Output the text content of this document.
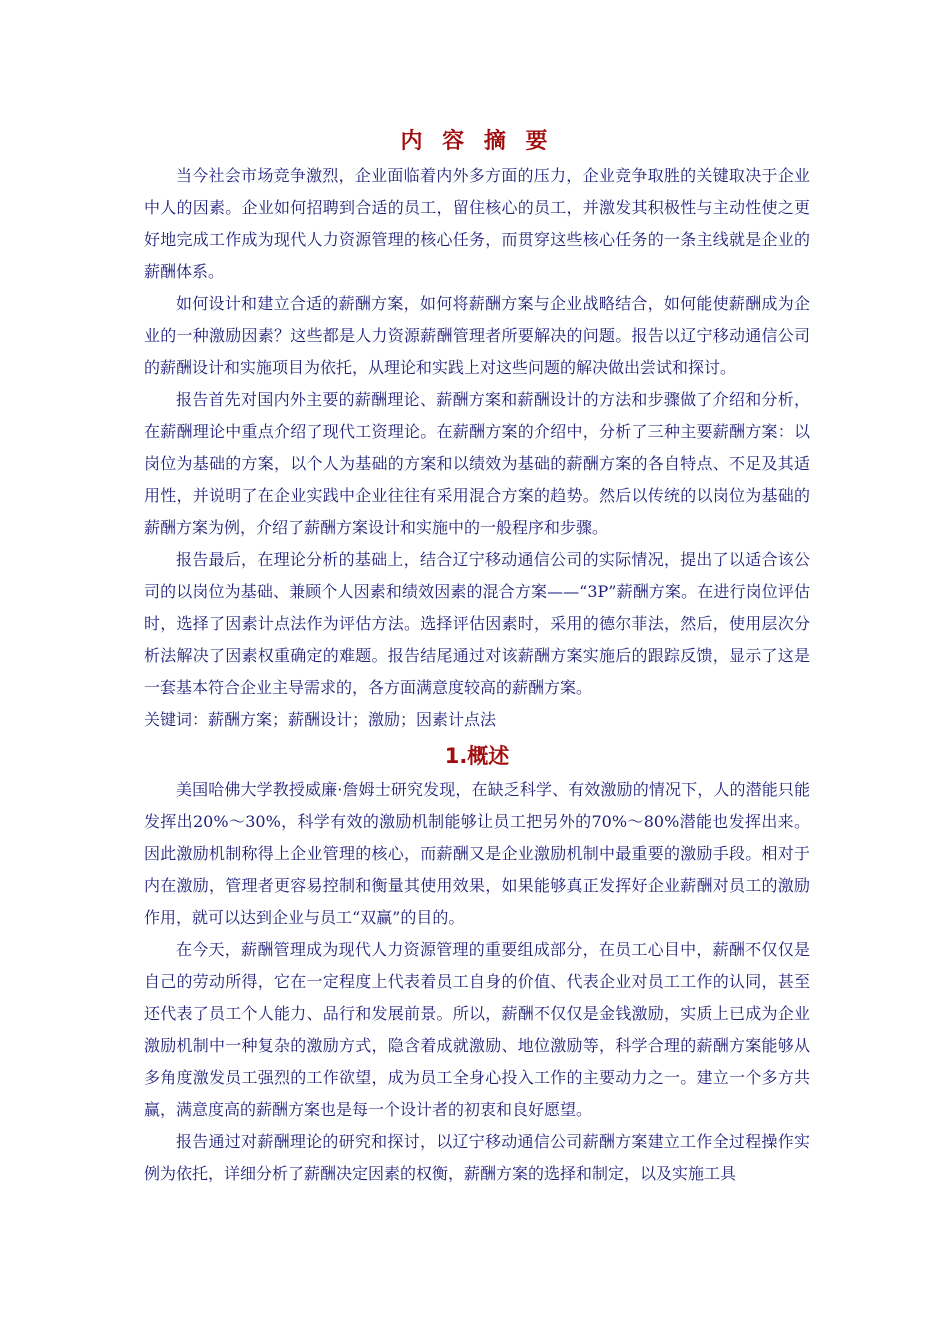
内 容 摘 要

当今社会市场竞争激烈，企业面临着内外多方面的压力，企业竞争取胜的关键取决于企业中人的因素。企业如何招聘到合适的员工，留住核心的员工，并激发其积极性与主动性使之更好地完成工作成为现代人力资源管理的核心任务，而贯穿这些核心任务的一条主线就是企业的薪酬体系。

如何设计和建立合适的薪酬方案，如何将薪酬方案与企业战略结合，如何能使薪酬成为企业的一种激励因素？这些都是人力资源薪酬管理者所要解决的问题。报告以辽宁移动通信公司的薪酬设计和实施项目为依托，从理论和实践上对这些问题的解决做出尝试和探讨。

报告首先对国内外主要的薪酬理论、薪酬方案和薪酬设计的方法和步骤做了介绍和分析，在薪酬理论中重点介绍了现代工资理论。在薪酬方案的介绍中，分析了三种主要薪酬方案：以岗位为基础的方案，以个人为基础的方案和以绩效为基础的薪酬方案的各自特点、不足及其适用性，并说明了在企业实践中企业往往有采用混合方案的趋势。然后以传统的以岗位为基础的薪酬方案为例，介绍了薪酬方案设计和实施中的一般程序和步骤。

报告最后，在理论分析的基础上，结合辽宁移动通信公司的实际情况，提出了以适合该公司的以岗位为基础、兼顾个人因素和绩效因素的混合方案——“3P”薪酬方案。在进行岗位评估时，选择了因素计点法作为评估方法。选择评估因素时，采用的德尔菲法，然后，使用层次分析法解决了因素权重确定的难题。报告结尾通过对该薪酬方案实施后的跟踪反馈，显示了这是一套基本符合企业主导需求的，各方面满意度较高的薪酬方案。

关键词：薪酬方案；薪酬设计；激励；因素计点法

1.概述

美国哈佛大学教授威廉·詹姆士研究发现，在缺乏科学、有效激励的情况下，人的潜能只能发挥出20%～30%，科学有效的激励机制能够让员工把另外的70%～80%潜能也发挥出来。因此激励机制称得上企业管理的核心，而薪酬又是企业激励机制中最重要的激励手段。相对于内在激励，管理者更容易控制和衡量其使用效果，如果能够真正发挥好企业薪酬对员工的激励作用，就可以达到企业与员工“双赢”的目的。

在今天，薪酬管理成为现代人力资源管理的重要组成部分，在员工心目中，薪酬不仅仅是自己的劳动所得，它在一定程度上代表着员工自身的价值、代表企业对员工工作的认同，甚至还代表了员工个人能力、品行和发展前景。所以，薪酬不仅仅是金钱激励，实质上已成为企业激励机制中一种复杂的激励方式，隐含着成就激励、地位激励等，科学合理的薪酬方案能够从多角度激发员工强烈的工作欲望，成为员工全身心投入工作的主要动力之一。建立一个多方共赢，满意度高的薪酬方案也是每一个设计者的初衷和良好愿望。

报告通过对薪酬理论的研究和探讨，以辽宁移动通信公司薪酬方案建立工作全过程操作实例为依托，详细分析了薪酬决定因素的权衡，薪酬方案的选择和制定，以及实施工具
